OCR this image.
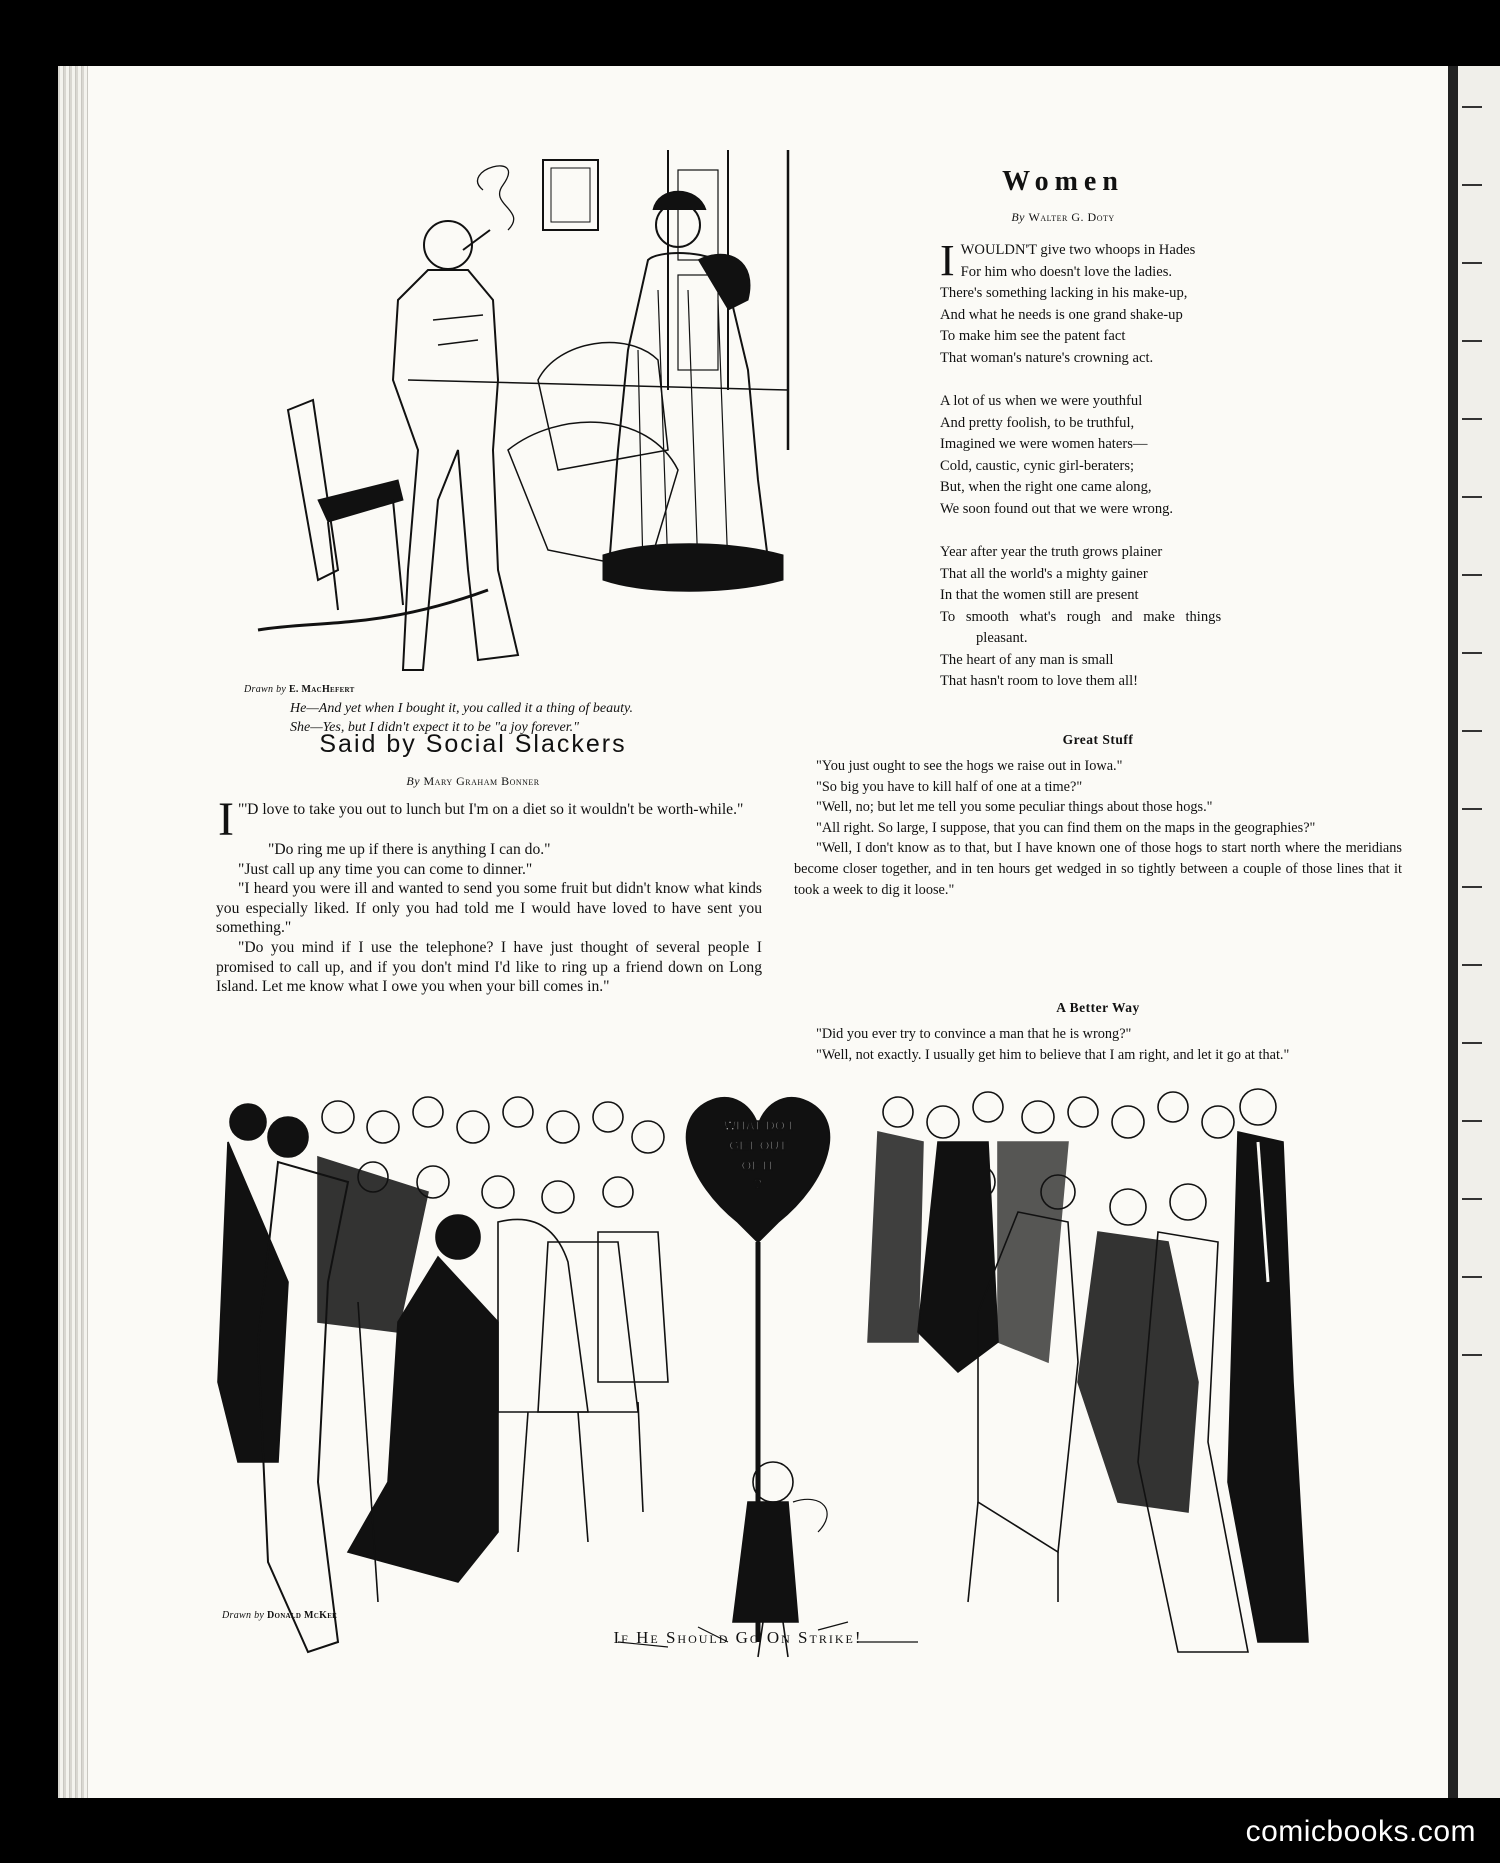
Drawn by E. MacHefert
He—And yet when I bought it, you called it a thing of beauty.
She—Yes, but I didn't expect it to be "a joy forever."
Women
By Walter G. Doty
I WOULDN'T give two whoops in Hades
For him who doesn't love the ladies.
There's something lacking in his make-up,
And what he needs is one grand shake-up
To make him see the patent fact
That woman's nature's crowning act.
A lot of us when we were youthful
And pretty foolish, to be truthful,
Imagined we were women haters—
Cold, caustic, cynic girl-beraters;
But, when the right one came along,
We soon found out that we were wrong.
Year after year the truth grows plainer
That all the world's a mighty gainer
In that the women still are present
To smooth what's rough and make things
pleasant.
The heart of any man is small
That hasn't room to love them all!
Said by Social Slackers
By Mary Graham Bonner

"
I 'D love to take you out to lunch but I'm on a diet so it wouldn't be worth-while."

"Do ring me up if there is anything I can do."

"Just call up any time you can come to dinner."

"I heard you were ill and wanted to send you some fruit but didn't know what kinds you especially liked. If only you had told me I would have loved to have sent you something."

"Do you mind if I use the telephone? I have just thought of several people I promised to call up, and if you don't mind I'd like to ring up a friend down on Long Island. Let me know what I owe you when your bill comes in."

Great Stuff

"You just ought to see the hogs we raise out in Iowa."

"So big you have to kill half of one at a time?"

"Well, no; but let me tell you some peculiar things about those hogs."

"All right. So large, I suppose, that you can find them on the maps in the geographies?"

"Well, I don't know as to that, but I have known one of those hogs to start north where the meridians become closer together, and in ten hours get wedged in so tightly between a couple of those lines that it took a week to dig it loose."

A Better Way

"Did you ever try to convince a man that he is wrong?"

"Well, not exactly. I usually get him to believe that I am right, and let it go at that."

WHAT DO I
GET OUT
OF IT
?
Drawn by Donald McKee
If He Should Go On Strike!
comicbooks.com
